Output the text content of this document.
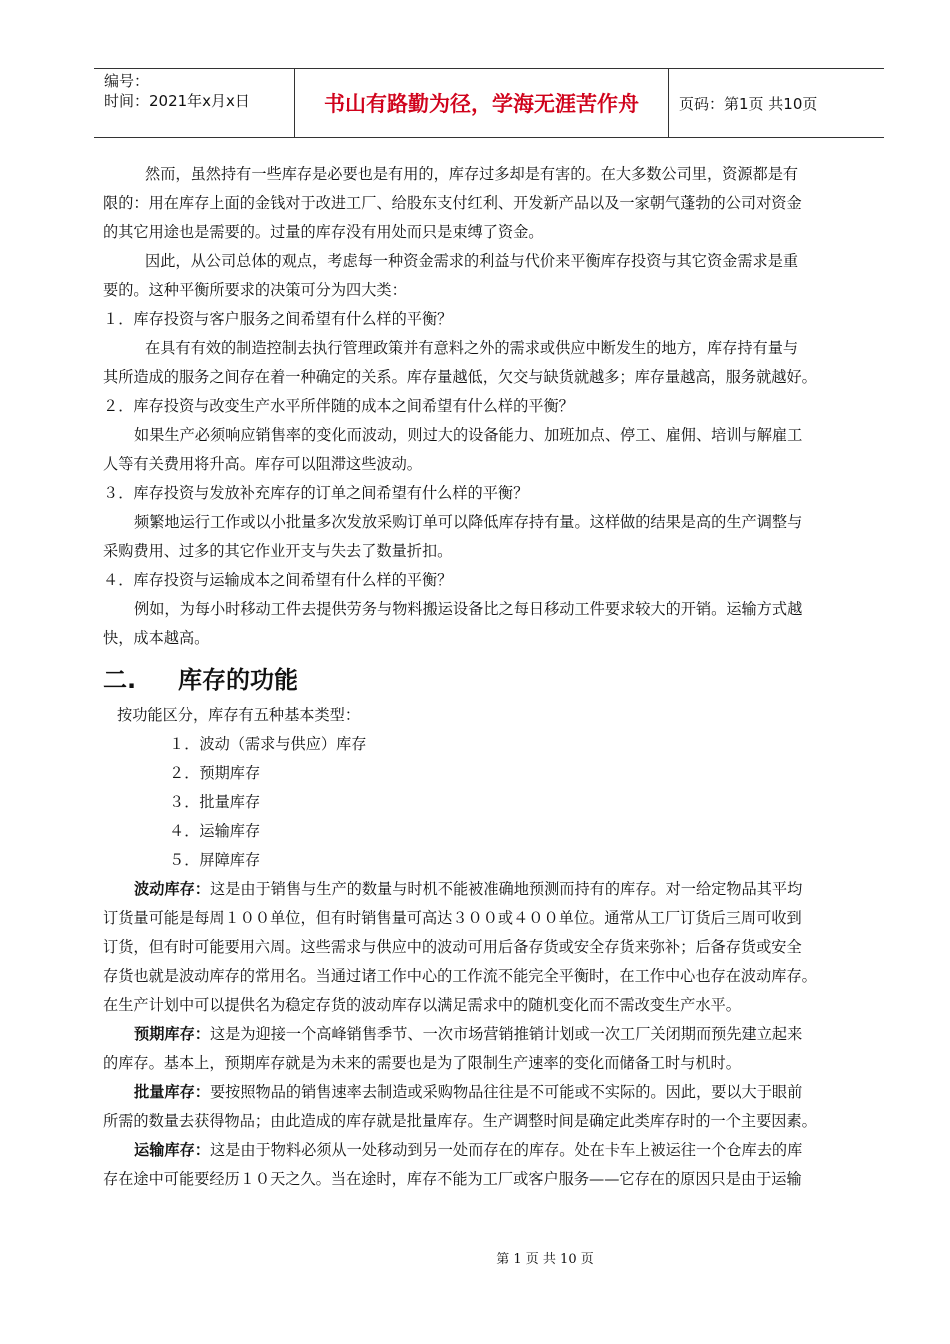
编号：
时间：2021年x月x日	书山有路勤为径，学海无涯苦作舟	页码：第1页 共10页
然而，虽然持有一些库存是必要也是有用的，库存过多却是有害的。在大多数公司里，资源都是有
限的：用在库存上面的金钱对于改进工厂、给股东支付红利、开发新产品以及一家朝气蓬勃的公司对资金
的其它用途也是需要的。过量的库存没有用处而只是束缚了资金。
因此，从公司总体的观点，考虑每一种资金需求的利益与代价来平衡库存投资与其它资金需求是重
要的。这种平衡所要求的决策可分为四大类：
１．库存投资与客户服务之间希望有什么样的平衡？
在具有有效的制造控制去执行管理政策并有意料之外的需求或供应中断发生的地方，库存持有量与
其所造成的服务之间存在着一种确定的关系。库存量越低，欠交与缺货就越多；库存量越高，服务就越好。
２．库存投资与改变生产水平所伴随的成本之间希望有什么样的平衡？
如果生产必须响应销售率的变化而波动，则过大的设备能力、加班加点、停工、雇佣、培训与解雇工
人等有关费用将升高。库存可以阻滞这些波动。
３．库存投资与发放补充库存的订单之间希望有什么样的平衡？
频繁地运行工作或以小批量多次发放采购订单可以降低库存持有量。这样做的结果是高的生产调整与
采购费用、过多的其它作业开支与失去了数量折扣。
４．库存投资与运输成本之间希望有什么样的平衡？
例如，为每小时移动工件去提供劳务与物料搬运设备比之每日移动工件要求较大的开销。运输方式越
快，成本越高。
二. 库存的功能
按功能区分，库存有五种基本类型：
１．波动（需求与供应）库存
２．预期库存
３．批量库存
４．运输库存
５．屏障库存
波动库存：这是由于销售与生产的数量与时机不能被准确地预测而持有的库存。对一给定物品其平均
订货量可能是每周１００单位，但有时销售量可高达３００或４００单位。通常从工厂订货后三周可收到
订货，但有时可能要用六周。这些需求与供应中的波动可用后备存货或安全存货来弥补；后备存货或安全
存货也就是波动库存的常用名。当通过诸工作中心的工作流不能完全平衡时，在工作中心也存在波动库存。
在生产计划中可以提供名为稳定存货的波动库存以满足需求中的随机变化而不需改变生产水平。
预期库存：这是为迎接一个高峰销售季节、一次市场营销推销计划或一次工厂关闭期而预先建立起来
的库存。基本上，预期库存就是为未来的需要也是为了限制生产速率的变化而储备工时与机时。
批量库存：要按照物品的销售速率去制造或采购物品往往是不可能或不实际的。因此，要以大于眼前
所需的数量去获得物品；由此造成的库存就是批量库存。生产调整时间是确定此类库存时的一个主要因素。
运输库存：这是由于物料必须从一处移动到另一处而存在的库存。处在卡车上被运往一个仓库去的库
存在途中可能要经历１０天之久。当在途时，库存不能为工厂或客户服务——它存在的原因只是由于运输
第 1 页 共 10 页
